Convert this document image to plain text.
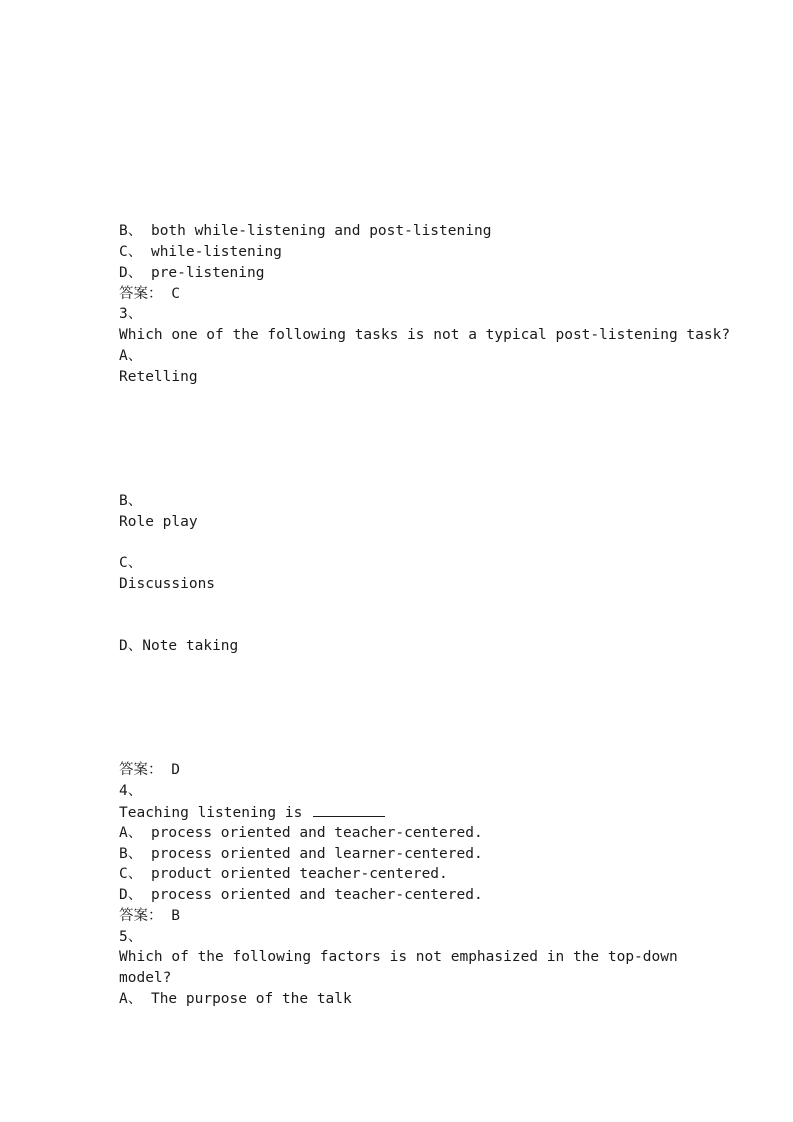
B、 both while-listening and post-listening
C、 while-listening
D、 pre-listening
答案： C
3、
Which one of the following tasks is not a typical post-listening task?
A、
Retelling
B、
Role play
C、
Discussions
D、Note taking
答案： D
4、
Teaching listening is
A、 process oriented and teacher-centered.
B、 process oriented and learner-centered.
C、 product oriented teacher-centered.
D、 process oriented and teacher-centered.
答案： B
5、
Which of the following factors is not emphasized in the top-down
model?
A、 The purpose of the talk
